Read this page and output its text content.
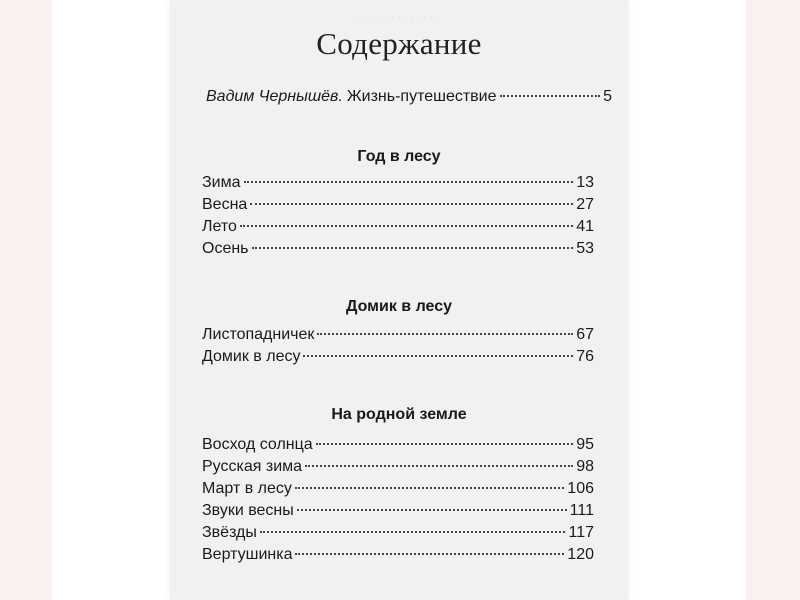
· · · · · · · · · · · · ·
Содержание
Вадим Чернышёв. Жизнь-путешествие	5
Год в лесу
Зима	13
Весна	27
Лето	41
Осень	53
Домик в лесу
Листопадничек	67
Домик в лесу	76
На родной земле
Восход солнца	95
Русская зима	98
Март в лесу	106
Звуки весны	111
Звёзды	117
Вертушинка	120
